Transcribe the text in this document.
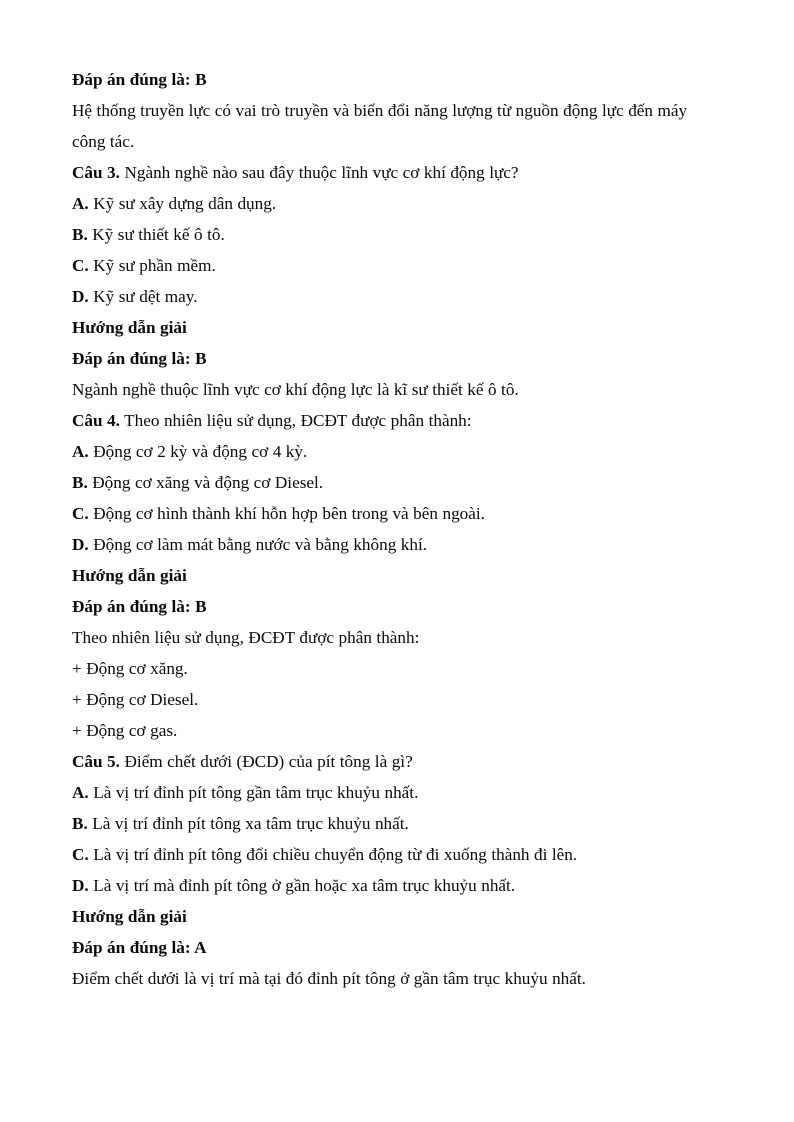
Đáp án đúng là: B

Hệ thống truyền lực có vai trò truyền và biến đổi năng lượng từ nguồn động lực đến máy công tác.

Câu 3. Ngành nghề nào sau đây thuộc lĩnh vực cơ khí động lực?

A. Kỹ sư xây dựng dân dụng.

B. Kỹ sư thiết kế ô tô.

C. Kỹ sư phần mềm.

D. Kỹ sư dệt may.

Hướng dẫn giải

Đáp án đúng là: B

Ngành nghề thuộc lĩnh vực cơ khí động lực là kĩ sư thiết kế ô tô.

Câu 4. Theo nhiên liệu sử dụng, ĐCĐT được phân thành:

A. Động cơ 2 kỳ và động cơ 4 kỳ.

B. Động cơ xăng và động cơ Diesel.

C. Động cơ hình thành khí hỗn hợp bên trong và bên ngoài.

D. Động cơ làm mát bằng nước và bằng không khí.

Hướng dẫn giải

Đáp án đúng là: B

Theo nhiên liệu sử dụng, ĐCĐT được phân thành:

+ Động cơ xăng.

+ Động cơ Diesel.

+ Động cơ gas.

Câu 5. Điểm chết dưới (ĐCD) của pít tông là gì?

A. Là vị trí đỉnh pít tông gần tâm trục khuỷu nhất.

B. Là vị trí đỉnh pít tông xa tâm trục khuỷu nhất.

C. Là vị trí đỉnh pít tông đổi chiều chuyển động từ đi xuống thành đi lên.

D. Là vị trí mà đỉnh pít tông ở gần hoặc xa tâm trục khuỷu nhất.

Hướng dẫn giải

Đáp án đúng là: A

Điểm chết dưới là vị trí mà tại đó đỉnh pít tông ở gần tâm trục khuỷu nhất.
